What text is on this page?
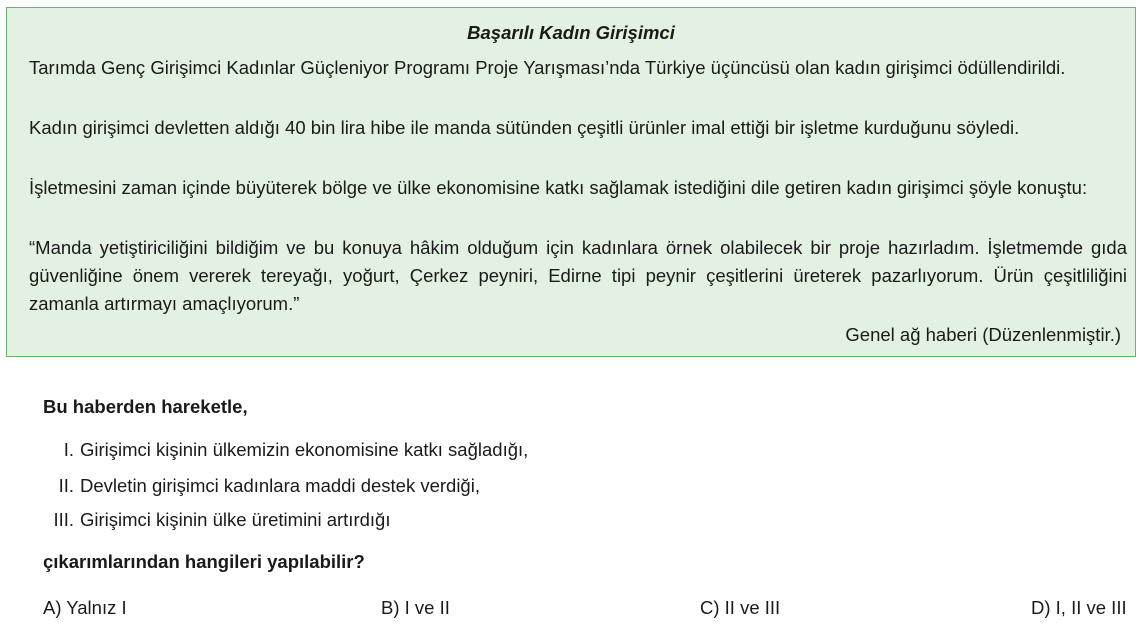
Başarılı Kadın Girişimci
Tarımda Genç Girişimci Kadınlar Güçleniyor Programı Proje Yarışması’nda Türkiye üçüncüsü olan kadın girişimci ödüllendirildi.
Kadın girişimci devletten aldığı 40 bin lira hibe ile manda sütünden çeşitli ürünler imal ettiği bir işletme kurduğunu söyledi.
İşletmesini zaman içinde büyüterek bölge ve ülke ekonomisine katkı sağlamak istediğini dile getiren kadın girişimci şöyle konuştu:
“Manda yetiştiriciliğini bildiğim ve bu konuya hâkim olduğum için kadınlara örnek olabilecek bir proje hazırladım. İşletmemde gıda güvenliğine önem vererek tereyağı, yoğurt, Çerkez peyniri, Edirne tipi peynir çeşitlerini üreterek pazarlıyorum. Ürün çeşitliliğini zamanla artırmayı amaçlıyorum.”
Genel ağ haberi (Düzenlenmiştir.)
Bu haberden hareketle,
I. Girişimci kişinin ülkemizin ekonomisine katkı sağladığı,
II. Devletin girişimci kadınlara maddi destek verdiği,
III. Girişimci kişinin ülke üretimini artırdığı
çıkarımlarından hangileri yapılabilir?
A) Yalnız I	B) I ve II	C) II ve III	D) I, II ve III
